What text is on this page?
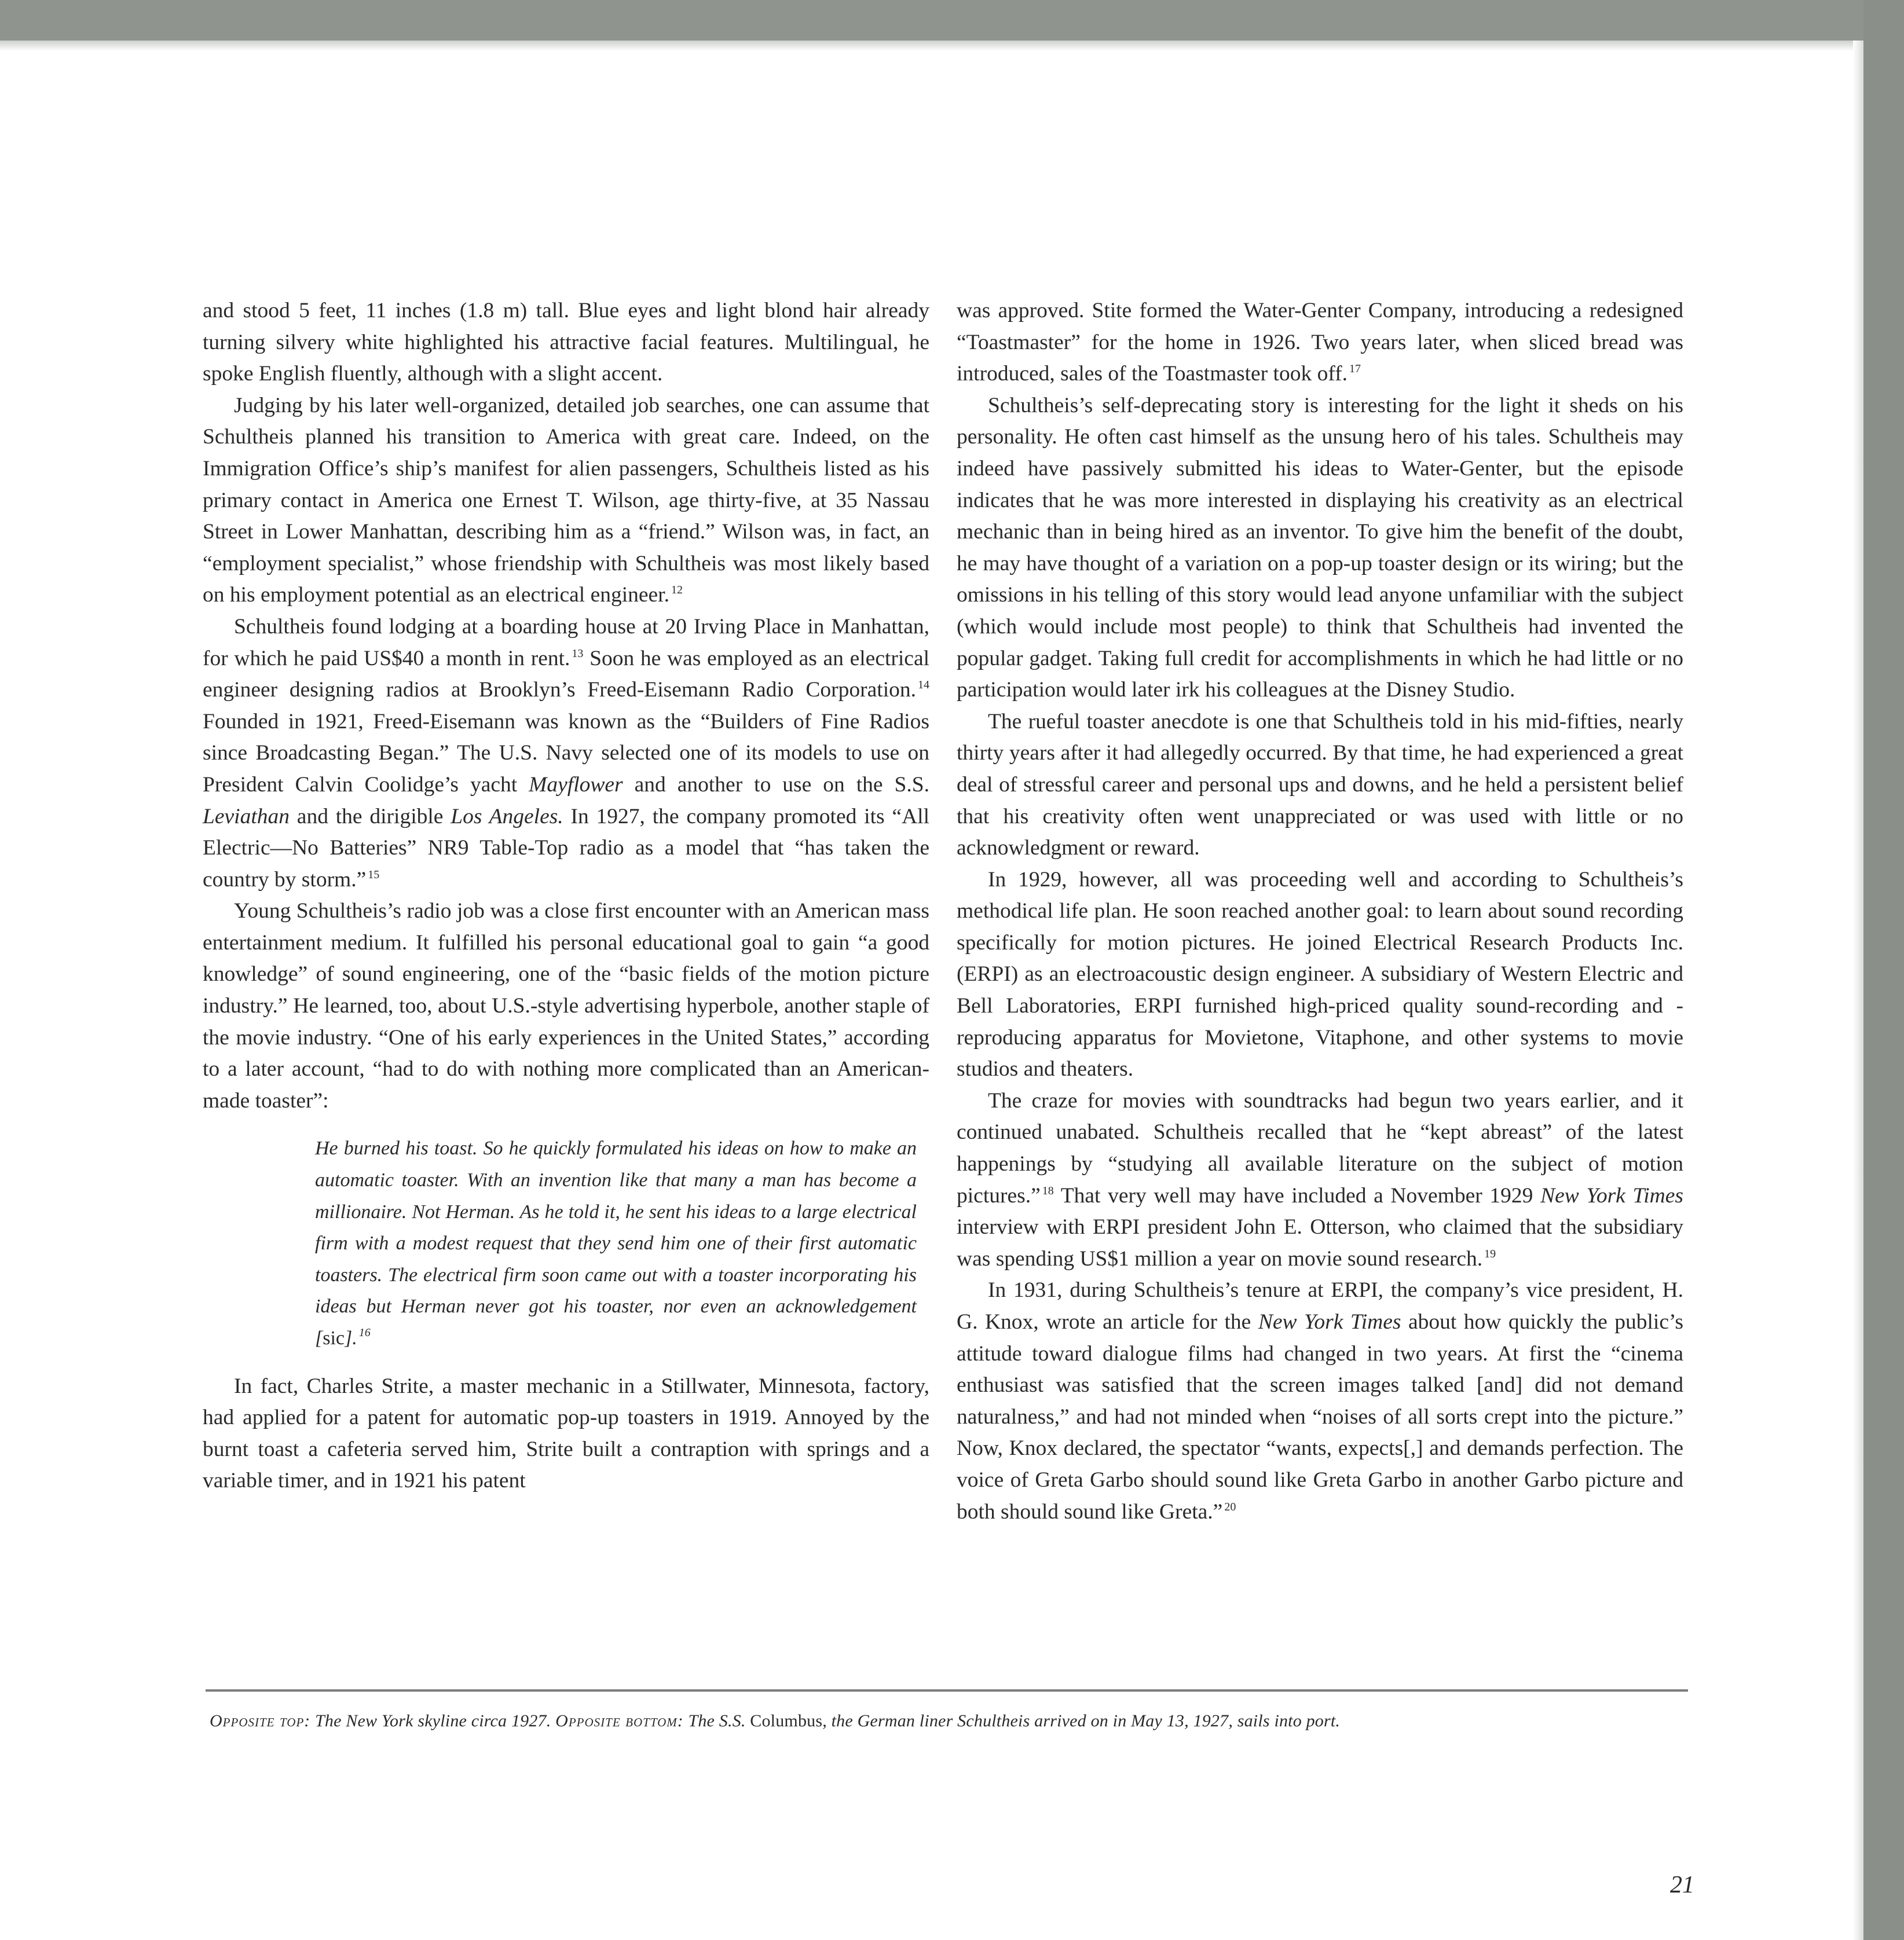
and stood 5 feet, 11 inches (1.8 m) tall. Blue eyes and light blond hair already turning silvery white highlighted his attractive facial features. Multilingual, he spoke English fluently, although with a slight accent.

Judging by his later well-organized, detailed job searches, one can assume that Schultheis planned his transition to America with great care. Indeed, on the Immigration Office’s ship’s manifest for alien passengers, Schultheis listed as his primary contact in America one Ernest T. Wilson, age thirty-five, at 35 Nassau Street in Lower Manhattan, describing him as a “friend.” Wilson was, in fact, an “employment specialist,” whose friendship with Schultheis was most likely based on his employment potential as an electrical engineer. $^{12}$

Schultheis found lodging at a boarding house at 20 Irving Place in Manhattan, for which he paid US$40 a month in rent. $^{13}$ Soon he was employed as an electrical engineer designing radios at Brooklyn’s Freed-Eisemann Radio Corporation. $^{14}$ Founded in 1921, Freed-Eisemann was known as the “Builders of Fine Radios since Broadcasting Began.” The U.S. Navy selected one of its models to use on President Calvin Coolidge’s yacht Mayflower and another to use on the S.S. Leviathan and the dirigible Los Angeles. In 1927, the company promoted its “All Electric—No Batteries” NR9 Table-Top radio as a model that “has taken the country by storm.” $^{15}$

Young Schultheis’s radio job was a close first encounter with an American mass entertainment medium. It fulfilled his personal educational goal to gain “a good knowledge” of sound engineering, one of the “basic fields of the motion picture industry.” He learned, too, about U.S.-style advertising hyperbole, another staple of the movie industry. “One of his early experiences in the United States,” according to a later account, “had to do with nothing more complicated than an American-made toaster”:

He burned his toast. So he quickly formulated his ideas on how to make an automatic toaster. With an invention like that many a man has become a millionaire. Not Herman. As he told it, he sent his ideas to a large electrical firm with a modest request that they send him one of their first automatic toasters. The electrical firm soon came out with a toaster incorporating his ideas but Herman never got his toaster, nor even an acknowledgement [sic]. $^{16}$

In fact, Charles Strite, a master mechanic in a Stillwater, Minnesota, factory, had applied for a patent for automatic pop-up toasters in 1919. Annoyed by the burnt toast a cafeteria served him, Strite built a contraption with springs and a variable timer, and in 1921 his patent

was approved. Stite formed the Water-Genter Company, introducing a redesigned “Toastmaster” for the home in 1926. Two years later, when sliced bread was introduced, sales of the Toastmaster took off. $^{17}$

Schultheis’s self-deprecating story is interesting for the light it sheds on his personality. He often cast himself as the unsung hero of his tales. Schultheis may indeed have passively submitted his ideas to Water-Genter, but the episode indicates that he was more interested in displaying his creativity as an electrical mechanic than in being hired as an inventor. To give him the benefit of the doubt, he may have thought of a variation on a pop-up toaster design or its wiring; but the omissions in his telling of this story would lead anyone unfamiliar with the subject (which would include most people) to think that Schultheis had invented the popular gadget. Taking full credit for accomplishments in which he had little or no participation would later irk his colleagues at the Disney Studio.

The rueful toaster anecdote is one that Schultheis told in his mid-fifties, nearly thirty years after it had allegedly occurred. By that time, he had experienced a great deal of stressful career and personal ups and downs, and he held a persistent belief that his creativity often went unappreciated or was used with little or no acknowledgment or reward.

In 1929, however, all was proceeding well and according to Schultheis’s methodical life plan. He soon reached another goal: to learn about sound recording specifically for motion pictures. He joined Electrical Research Products Inc. (ERPI) as an electroacoustic design engineer. A subsidiary of Western Electric and Bell Laboratories, ERPI furnished high-priced quality sound-recording and -reproducing apparatus for Movietone, Vitaphone, and other systems to movie studios and theaters.

The craze for movies with soundtracks had begun two years earlier, and it continued unabated. Schultheis recalled that he “kept abreast” of the latest happenings by “studying all available literature on the subject of motion pictures.” $^{18}$ That very well may have included a November 1929 New York Times interview with ERPI president John E. Otterson, who claimed that the subsidiary was spending US$1 million a year on movie sound research. $^{19}$

In 1931, during Schultheis’s tenure at ERPI, the company’s vice president, H. G. Knox, wrote an article for the New York Times about how quickly the public’s attitude toward dialogue films had changed in two years. At first the “cinema enthusiast was satisfied that the screen images talked [and] did not demand naturalness,” and had not minded when “noises of all sorts crept into the picture.” Now, Knox declared, the spectator “wants, expects[,] and demands perfection. The voice of Greta Garbo should sound like Greta Garbo in another Garbo picture and both should sound like Greta.” $^{20}$

Opposite top: The New York skyline circa 1927. Opposite bottom: The S.S. Columbus, the German liner Schultheis arrived on in May 13, 1927, sails into port.
21
